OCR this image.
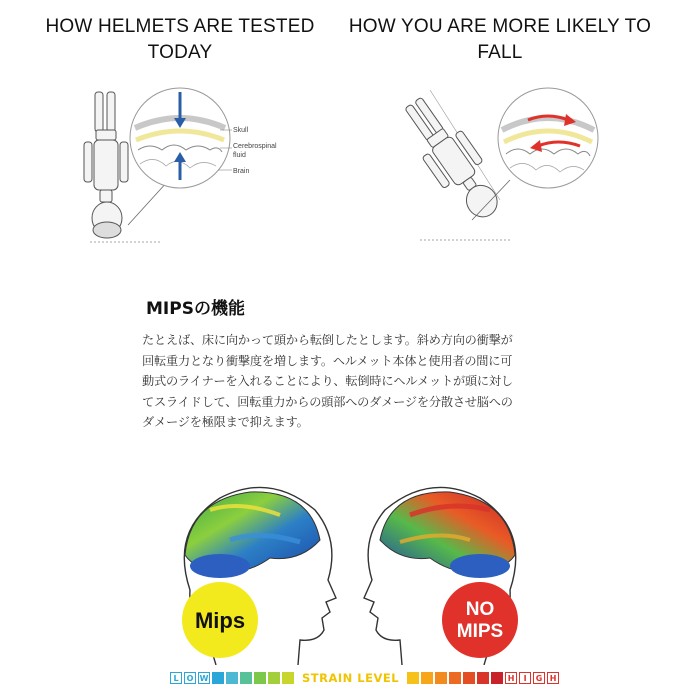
HOW HELMETS ARE TESTED TODAY
HOW YOU ARE MORE LIKELY TO FALL
Skull
Cerebrospinal
fluid
Brain
MIPSの機能
たとえば、床に向かって頭から転倒したとします。斜め方向の衝撃が
回転重力となり衝撃度を増します。ヘルメット本体と使用者の間に可
動式のライナーを入れることにより、転倒時にヘルメットが頭に対し
てスライドして、回転重力からの頭部へのダメージを分散させ脳への
ダメージを極限まで抑えます。
Mips	NO
MIPS
L	O W	STRAIN LEVEL	H	I	G H
